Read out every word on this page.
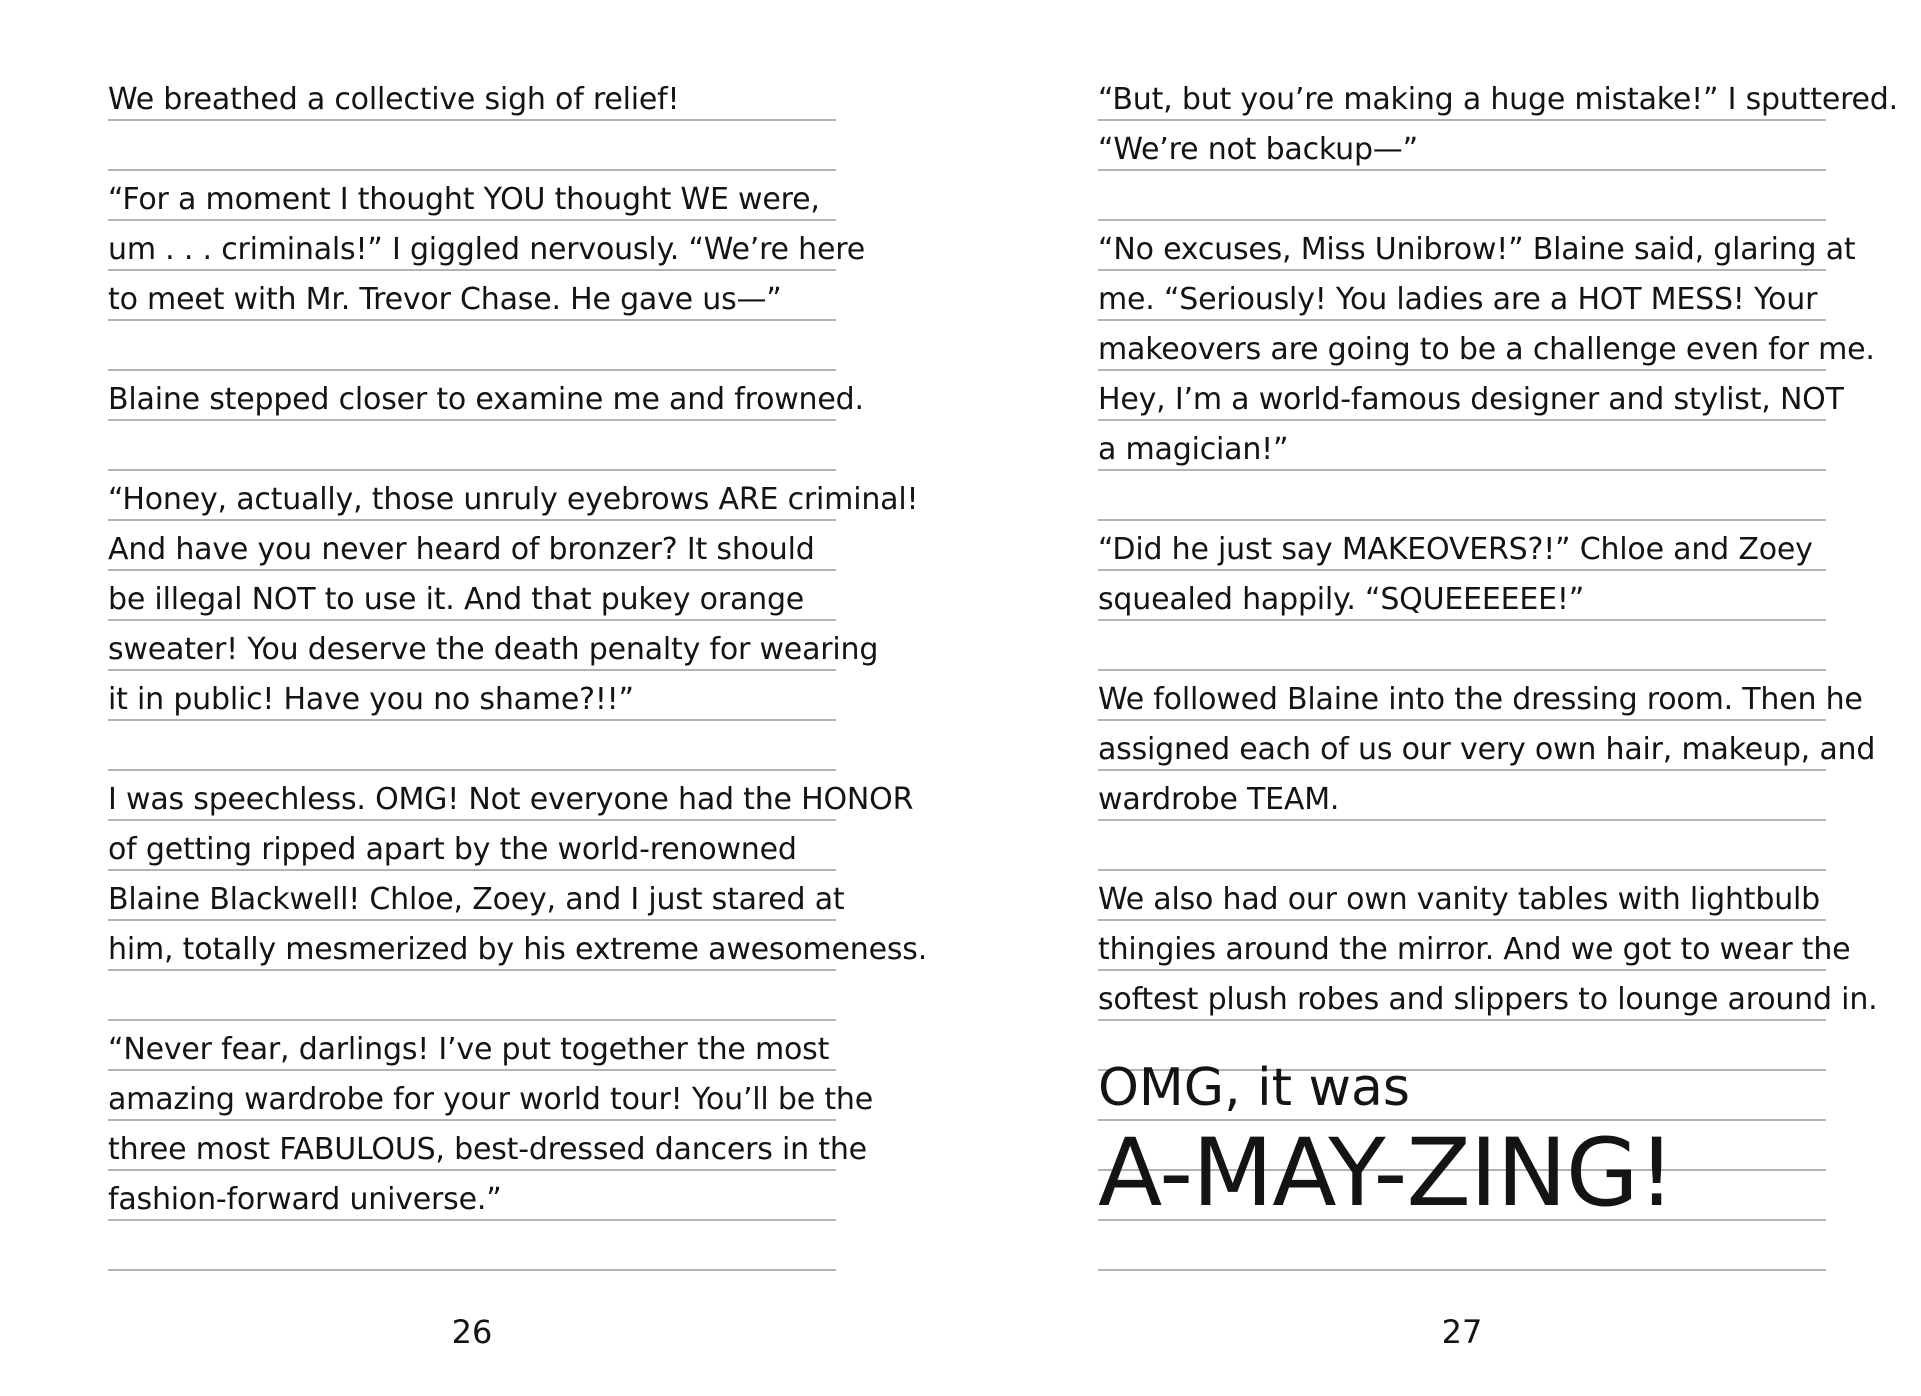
We breathed a collective sigh of relief!
“For a moment I thought YOU thought WE were,
um . . . criminals!” I giggled nervously. “We’re here
to meet with Mr. Trevor Chase. He gave us—”
Blaine stepped closer to examine me and frowned.
“Honey, actually, those unruly eyebrows ARE criminal!
And have you never heard of bronzer? It should
be illegal NOT to use it. And that pukey orange
sweater! You deserve the death penalty for wearing
it in public! Have you no shame?!!”
I was speechless. OMG! Not everyone had the HONOR
of getting ripped apart by the world-renowned
Blaine Blackwell! Chloe, Zoey, and I just stared at
him, totally mesmerized by his extreme awesomeness.
“Never fear, darlings! I’ve put together the most
amazing wardrobe for your world tour! You’ll be the
three most FABULOUS, best-dressed dancers in the
fashion-forward universe.”
26
“But, but you’re making a huge mistake!” I sputtered.
“We’re not backup—”
“No excuses, Miss Unibrow!” Blaine said, glaring at
me. “Seriously! You ladies are a HOT MESS! Your
makeovers are going to be a challenge even for me.
Hey, I’m a world-famous designer and stylist, NOT
a magician!”
“Did he just say MAKEOVERS?!” Chloe and Zoey
squealed happily. “SQUEEEEEE!”
We followed Blaine into the dressing room. Then he
assigned each of us our very own hair, makeup, and
wardrobe TEAM.
We also had our own vanity tables with lightbulb
thingies around the mirror. And we got to wear the
softest plush robes and slippers to lounge around in.
OMG, it was
A-MAY-ZING!
27
